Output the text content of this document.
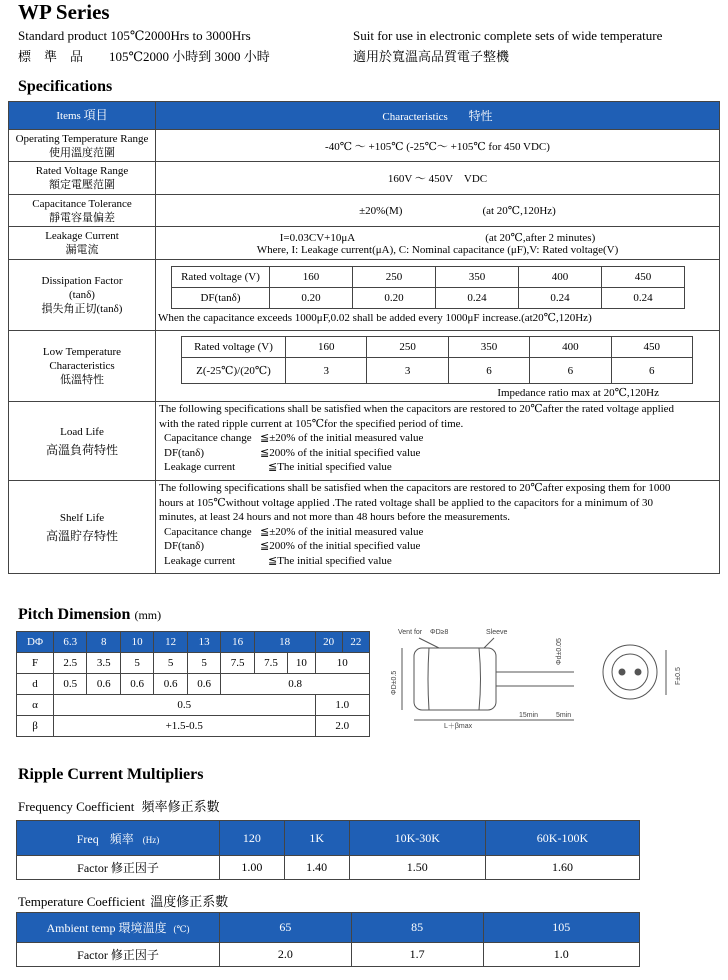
WP Series
Standard product 105℃2000Hrs to 3000Hrs	Suit for use in electronic complete sets of wide temperature
標　準　品　　105℃2000 小時到 3000 小時	適用於寬溫高品質電子整機
Specifications
Items 項目	Characteristics 特性

Operating Temperature Range
使用溫度范圍	-40℃ ～ +105℃ (-25℃～ +105℃ for 450 VDC)

Rated Voltage Range
額定電壓范圍	160V ～ 450V　VDC

Capacitance Tolerance
靜電容量偏差
	±20%(M)	(at 20℃,120Hz)

Leakage Current
漏電流

I=0.03CV+10μA	(at 20℃,after 2 minutes)
Where, I: Leakage current(μA), C: Nominal capacitance (μF),V: Rated voltage(V)

Dissipation Factor
(tanδ)
損失角正切(tanδ)

Rated voltage (V)	160	250	350	400	450
DF(tanδ)	0.20	0.20	0.24	0.24	0.24
When the capacitance exceeds 1000μF,0.02 shall be added every 1000μF increase.(at20℃,120Hz)

Low Temperature
Characteristics
低溫特性

Rated voltage (V)	160	250	350	400	450
Z(-25℃)/(20℃)	3	3	6	6	6
Impedance ratio max at 20℃,120Hz

Load Life
高溫負荷特性

The following specifications shall be satisfied when the capacitors are restored to 20℃after the rated voltage applied
with the rated ripple current at 105℃for the specified period of time.
Capacitance change ≦±20% of the initial measured value
DF(tanδ)	≦200% of the initial specified value
Leakage current	≦The initial specified value

Shelf Life
高溫貯存特性

The following specifications shall be satisfied when the capacitors are restored to 20℃after exposing them for 1000
hours at 105℃without voltage applied .The rated voltage shall be applied to the capacitors for a minimum of 30
minutes, at least 24 hours and not more than 48 hours before the measurements.
Capacitance change ≦±20% of the initial measured value
DF(tanδ)	≦200% of the initial specified value
Leakage current	≦The initial specified value
Pitch Dimension (mm)
DΦ	6.3	8	10	12	13	16	18		20	22
F	2.5	3.5	5	5	5	7.5	7.5	10	10	
d	0.5	0.6	0.6	0.6	0.6	0.8				
α	0.5								1.0	
β	+1.5-0.5								2.0	
Vent for ΦD≥8	Sleeve
L＋βmax
15min	5min
ΦD±0.5
Φd±0.05
F±0.5
Ripple Current Multipliers
Frequency Coefficient 頻率修正系數
Freq 頻率 (Hz)	120	1K	10K-30K	60K-100K
Factor 修正因子	1.00	1.40	1.50	1.60
Temperature Coefficient 溫度修正系數
Ambient temp 環境溫度 (℃)	65	85	105
Factor 修正因子	2.0	1.7	1.0
